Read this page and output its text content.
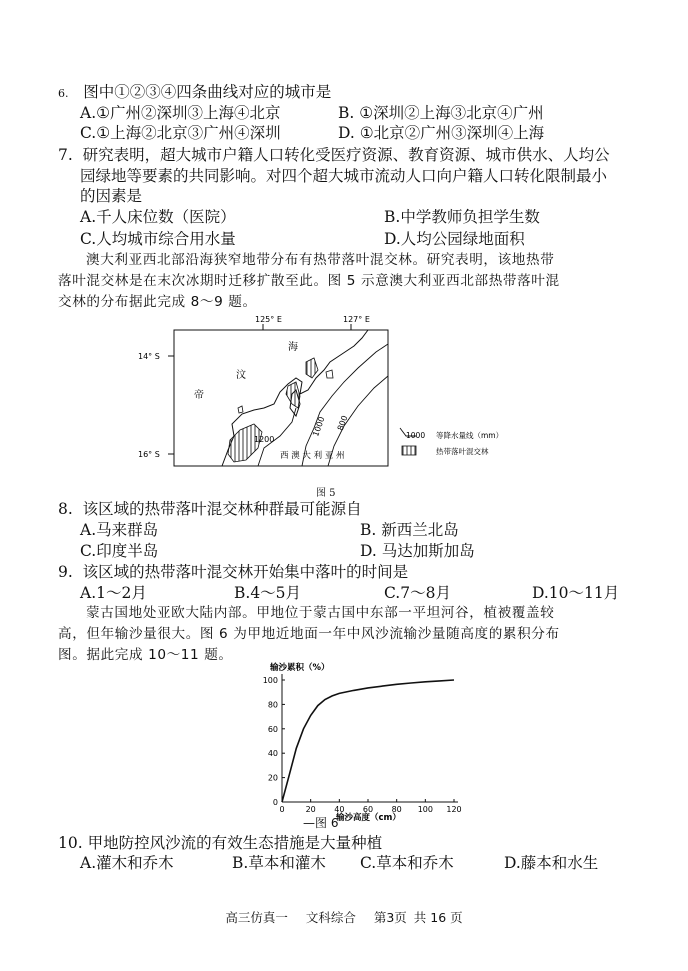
6. 图中①②③④四条曲线对应的城市是
A.①广州②深圳③上海④北京	B. ①深圳②上海③北京④广州
C.①上海②北京③广州④深圳	D. ①北京②广州③深圳④上海
7. 研究表明，超大城市户籍人口转化受医疗资源、教育资源、城市供水、人均公
园绿地等要素的共同影响。对四个超大城市流动人口向户籍人口转化限制最小
的因素是
A.千人床位数（医院）	B.中学教师负担学生数
C.人均城市综合用水量	D.人均公园绿地面积
澳大利亚西北部沿海狭窄地带分布有热带落叶混交林。研究表明，该地热带
落叶混交林是在末次冰期时迁移扩散至此。图 5 示意澳大利亚西北部热带落叶混
交林的分布据此完成 8～9 题。
125° E	127° E
14° S
16° S
1200
1000 800
帝
汶
海
西 澳 大 利 亚 州
1000 等降水量线（mm）
热带落叶混交林
图 5
8. 该区域的热带落叶混交林种群最可能源自
A.马来群岛	B. 新西兰北岛
C.印度半岛	D. 马达加斯加岛
9. 该区域的热带落叶混交林开始集中落叶的时间是
A.1～2月	B.4～5月	C.7～8月	D.10～11月
蒙古国地处亚欧大陆内部。甲地位于蒙古国中东部一平坦河谷，植被覆盖较
高，但年输沙量很大。图 6 为甲地近地面一年中风沙流输沙量随高度的累积分布
图。据此完成 10～11 题。
输沙累积（%）
输沙高度（cm）
0	20 40 60 80 100 120
0
20
40
60
80
100
—图 6
10. 甲地防控风沙流的有效生态措施是大量种植
A.灌木和乔木	B.草本和灌木 C.草本和乔木	D.藤本和水生
高三仿真一 文科综合 第3页 共 16 页
